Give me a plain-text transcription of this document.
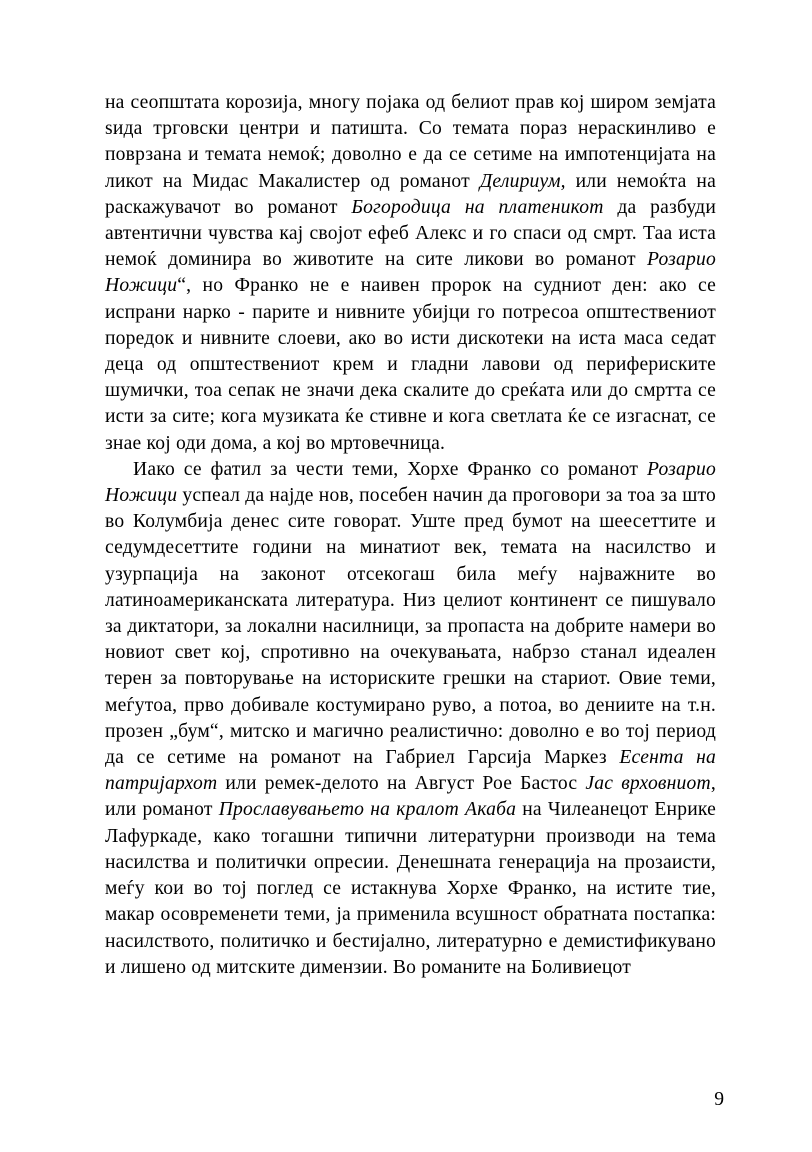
на сеопштата корозија, многу појака од белиот прав кој широм земјата ѕида трговски центри и патишта. Со темата пораз нераскинливо е поврзана и темата немоќ; доволно е да се сетиме на импотенцијата на ликот на Мидас Макалистер од романот Делириум, или немоќта на раскажувачот во романот Богородица на платеникот да разбуди автентични чувства кај својот ефеб Алекс и го спаси од смрт. Таа иста немоќ доминира во животите на сите ликови во романот Розарио Ножици“, но Франко не е наивен пророк на судниот ден: ако се испрани нарко - парите и нивните убијци го потресоа општествениот поредок и нивните слоеви, ако во исти дискотеки на иста маса седат деца од општествениот крем и гладни лавови од перифериските шумички, тоа сепак не значи дека скалите до среќата или до смртта се исти за сите; кога музиката ќе стивне и кога светлата ќе се изгаснат, се знае кој оди дома, а кој во мртовечница.

Иако се фатил за чести теми, Хорхе Франко со романот Розарио Ножици успеал да најде нов, посебен начин да проговори за тоа за што во Колумбија денес сите говорат. Уште пред бумот на шеесеттите и седумдесеттите години на минатиот век, темата на насилство и узурпација на законот отсекогаш била меѓу најважните во латиноамериканската литература. Низ целиот континент се пишувало за диктатори, за локални насилници, за пропаста на добрите намери во новиот свет кој, спротивно на очекувањата, набрзо станал идеален терен за повторување на историските грешки на стариот. Овие теми, меѓутоа, прво добивале костумирано руво, а потоа, во дениите на т.н. прозен „бум“, митско и магично реалистично: доволно е во тој период да се сетиме на романот на Габриел Гарсија Маркез Есента на патријархот или ремек-делото на Август Рое Бастос Јас врховниот, или романот Прославувањето на кралот Акаба на Чилеанецот Енрике Лафуркаде, како тогашни типични литературни производи на тема насилства и политички опресии. Денешната генерација на прозаисти, меѓу кои во тој поглед се истакнува Хорхе Франко, на истите тие, макар осовременети теми, ја применила всушност обратната постапка: насилството, политичко и бестијално, литературно е демистификувано и лишено од митските димензии. Во романите на Боливиецот

9
